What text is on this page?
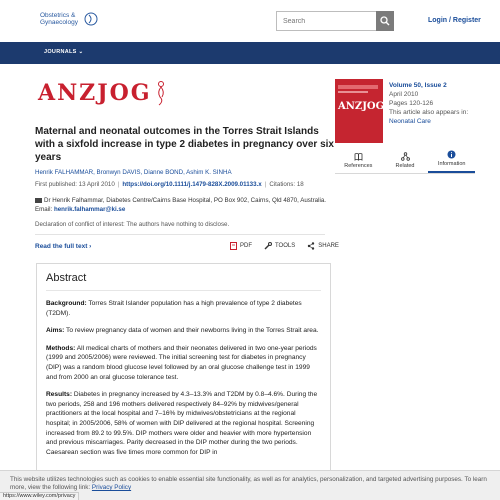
Obstetrics &
Gynaecology
Search	Login / Register
JOURNALS ⌄
ANZJOG
Maternal and neonatal outcomes in the Torres Strait Islands with a sixfold increase in type 2 diabetes in pregnancy over six years
Henrik FALHAMMAR, Bronwyn DAVIS, Dianne BOND, Ashim K. SINHA
First published: 13 April 2010 | https://doi.org/10.1111/j.1479-828X.2009.01133.x | Citations: 18
Dr Henrik Falhammar, Diabetes Centre/Cairns Base Hospital, PO Box 902, Cairns, Qld 4870, Australia.
Email: henrik.falhammar@ki.se
Declaration of conflict of interest: The authors have nothing to disclose.
Read the full text ›	PDF	TOOLS	SHARE
Abstract

Background: Torres Strait Islander population has a high prevalence of type 2 diabetes (T2DM).

Aims: To review pregnancy data of women and their newborns living in the Torres Strait area.

Methods: All medical charts of mothers and their neonates delivered in two one-year periods (1999 and 2005/2006) were reviewed. The initial screening test for diabetes in pregnancy (DIP) was a random blood glucose level followed by an oral glucose challenge test in 1999 and from 2000 an oral glucose tolerance test.

Results: Diabetes in pregnancy increased by 4.3–13.3% and T2DM by 0.8–4.6%. During the two periods, 258 and 196 mothers delivered respectively 84–92% by midwives/general practitioners at the local hospital and 7–16% by midwives/obstetricians at the regional hospital; in 2005/2006, 58% of women with DIP delivered at the regional hospital. Screening increased from 89.2 to 99.5%. DIP mothers were older and heavier with more hypertension and previous miscarriages. Parity decreased in the DIP mother during the two periods. Caesarean section was five times more common for DIP in

ANZJOG
Volume 50, Issue 2
April 2010
Pages 120-126
This article also appears in:
Neonatal Care
References	Related	Information
This website utilizes technologies such as cookies to enable essential site functionality, as well as for analytics, personalization, and targeted advertising purposes. To learn more, view the following link: Privacy Policy
https://www.wiley.com/privacy
